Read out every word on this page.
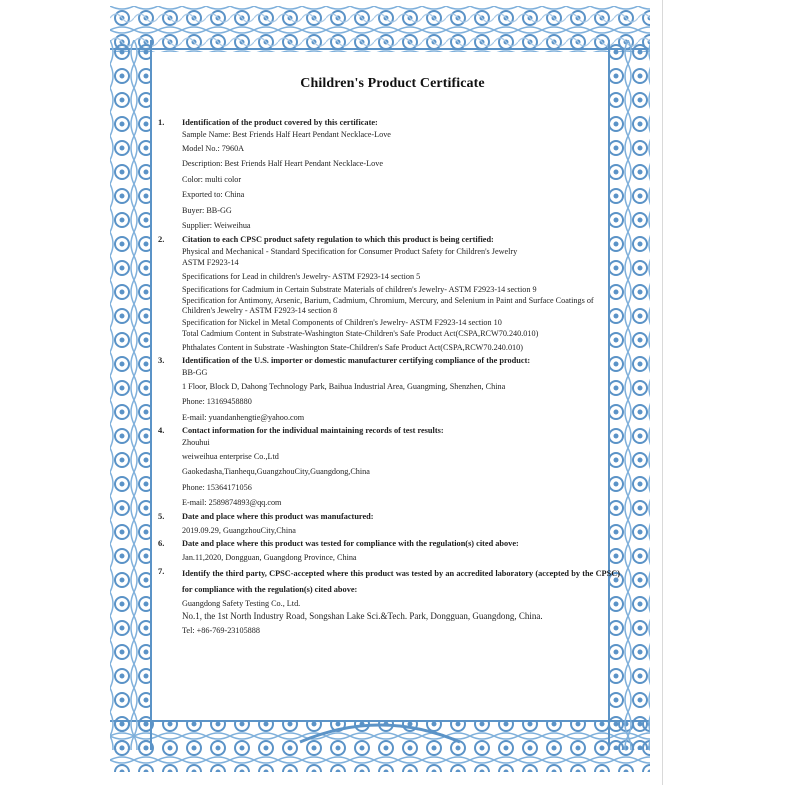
Children's Product Certificate
1. Identification of the product covered by this certificate:
Sample Name: Best Friends Half Heart Pendant Necklace-Love
Model No.: 7960A
Description: Best Friends Half Heart Pendant Necklace-Love
Color: multi color
Exported to: China
Buyer: BB-GG
Supplier: Weiweihua
2. Citation to each CPSC product safety regulation to which this product is being certified:
Physical and Mechanical - Standard Specification for Consumer Product Safety for Children's Jewelry
ASTM F2923-14
Specifications for Lead in children's Jewelry- ASTM F2923-14 section 5
Specifications for Cadmium in Certain Substrate Materials of children's Jewelry- ASTM F2923-14 section 9
Specification for Antimony, Arsenic, Barium, Cadmium, Chromium, Mercury, and Selenium in Paint and Surface Coatings of Children's Jewelry - ASTM F2923-14 section 8
Specification for Nickel in Metal Components of Children's Jewelry- ASTM F2923-14 section 10
Total Cadmium Content in Substrate-Washington State-Children's Safe Product Act(CSPA,RCW70.240.010)
Phthalates Content in Substrate -Washington State-Children's Safe Product Act(CSPA,RCW70.240.010)
3. Identification of the U.S. importer or domestic manufacturer certifying compliance of the product:
BB-GG
1 Floor, Block D, Dahong Technology Park, Baihua Industrial Area, Guangming, Shenzhen, China
Phone: 13169458880
E-mail: yuandanhengtie@yahoo.com
4. Contact information for the individual maintaining records of test results:
Zhouhui
weiweihua enterprise Co.,Ltd
Gaokedasha,Tianhequ,GuangzhouCity,Guangdong,China
Phone: 15364171056
E-mail: 2589874893@qq.com
5. Date and place where this product was manufactured:
2019.09.29, GuangzhouCity,China
6. Date and place where this product was tested for compliance with the regulation(s) cited above:
Jan.11,2020, Dongguan, Guangdong Province, China
7. Identify the third party, CPSC-accepted where this product was tested by an accredited laboratory (accepted by the CPSC) for compliance with the regulation(s) cited above:
Guangdong Safety Testing Co., Ltd.
No.1, the 1st North Industry Road, Songshan Lake Sci.&Tech. Park, Dongguan, Guangdong, China.
Tel: +86-769-23105888
